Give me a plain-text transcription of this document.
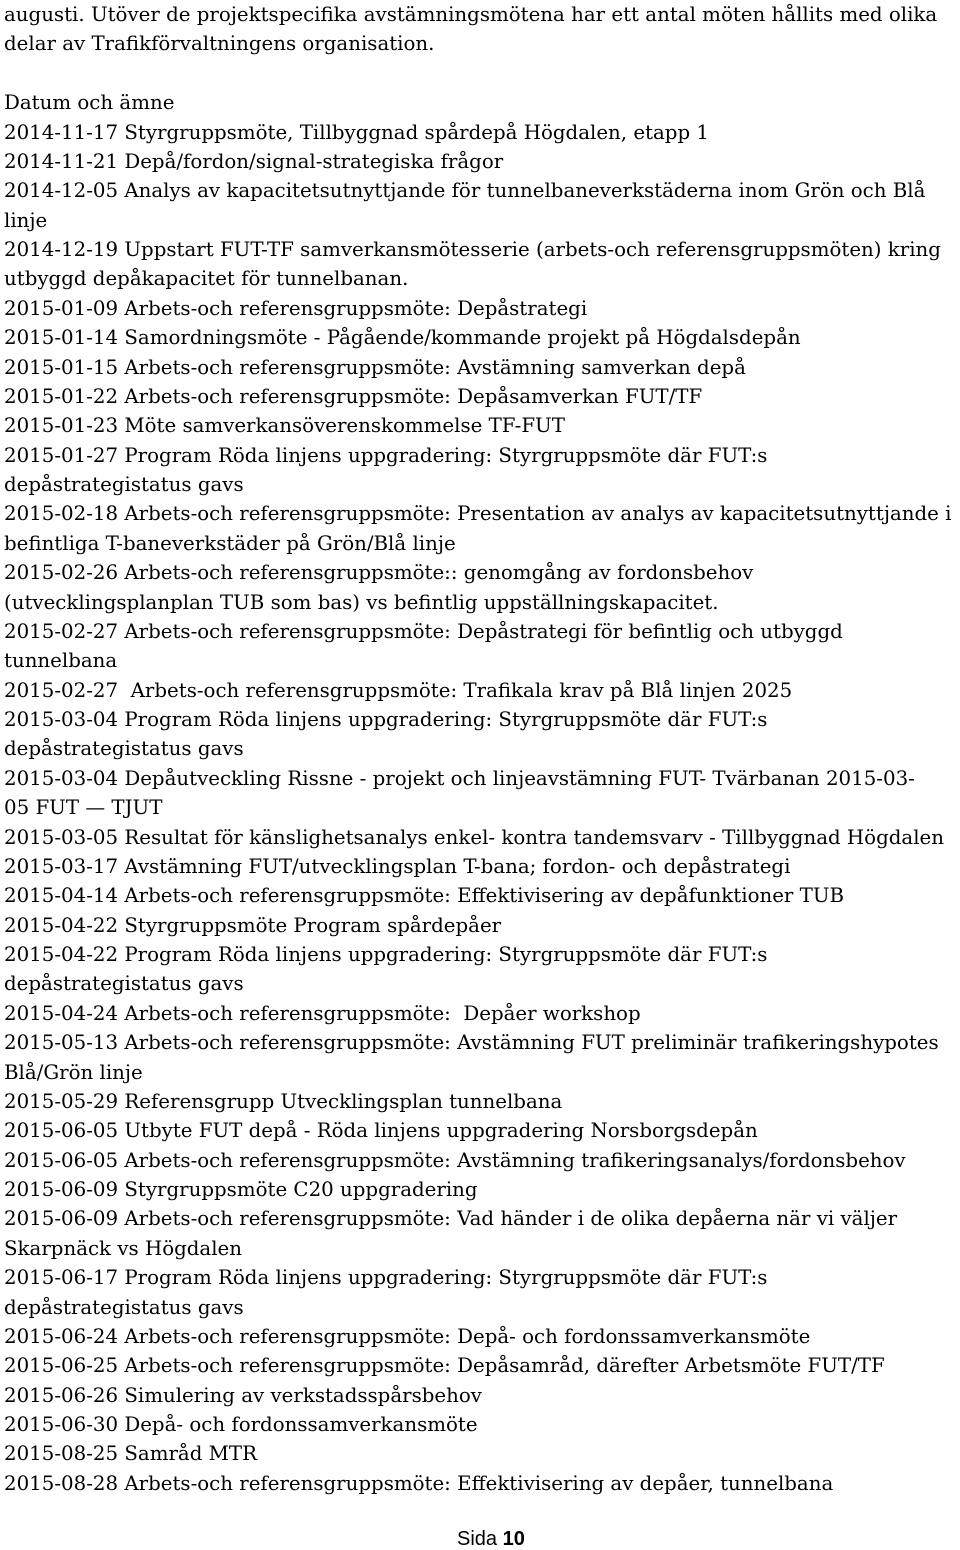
augusti. Utöver de projektspecifika avstämningsmötena har ett antal möten hållits med olika
delar av Trafikförvaltningens organisation.
Datum och ämne
2014-11-17 Styrgruppsmöte, Tillbyggnad spårdepå Högdalen, etapp 1
2014-11-21 Depå/fordon/signal-strategiska frågor
2014-12-05 Analys av kapacitetsutnyttjande för tunnelbaneverkstäderna inom Grön och Blå
linje
2014-12-19 Uppstart FUT-TF samverkansmötesserie (arbets-och referensgruppsmöten) kring
utbyggd depåkapacitet för tunnelbanan.
2015-01-09 Arbets-och referensgruppsmöte: Depåstrategi
2015-01-14 Samordningsmöte - Pågående/kommande projekt på Högdalsdepån
2015-01-15 Arbets-och referensgruppsmöte: Avstämning samverkan depå
2015-01-22 Arbets-och referensgruppsmöte: Depåsamverkan FUT/TF
2015-01-23 Möte samverkansöverenskommelse TF-FUT
2015-01-27 Program Röda linjens uppgradering: Styrgruppsmöte där FUT:s
depåstrategistatus gavs
2015-02-18 Arbets-och referensgruppsmöte: Presentation av analys av kapacitetsutnyttjande i
befintliga T-baneverkstäder på Grön/Blå linje
2015-02-26 Arbets-och referensgruppsmöte:: genomgång av fordonsbehov
(utvecklingsplanplan TUB som bas) vs befintlig uppställningskapacitet.
2015-02-27 Arbets-och referensgruppsmöte: Depåstrategi för befintlig och utbyggd
tunnelbana
2015-02-27  Arbets-och referensgruppsmöte: Trafikala krav på Blå linjen 2025
2015-03-04 Program Röda linjens uppgradering: Styrgruppsmöte där FUT:s
depåstrategistatus gavs
2015-03-04 Depåutveckling Rissne - projekt och linjeavstämning FUT- Tvärbanan 2015-03-
05 FUT — TJUT
2015-03-05 Resultat för känslighetsanalys enkel- kontra tandemsvarv - Tillbyggnad Högdalen
2015-03-17 Avstämning FUT/utvecklingsplan T-bana; fordon- och depåstrategi
2015-04-14 Arbets-och referensgruppsmöte: Effektivisering av depåfunktioner TUB
2015-04-22 Styrgruppsmöte Program spårdepåer
2015-04-22 Program Röda linjens uppgradering: Styrgruppsmöte där FUT:s
depåstrategistatus gavs
2015-04-24 Arbets-och referensgruppsmöte:  Depåer workshop
2015-05-13 Arbets-och referensgruppsmöte: Avstämning FUT preliminär trafikeringshypotes
Blå/Grön linje
2015-05-29 Referensgrupp Utvecklingsplan tunnelbana
2015-06-05 Utbyte FUT depå - Röda linjens uppgradering Norsborgsdepån
2015-06-05 Arbets-och referensgruppsmöte: Avstämning trafikeringsanalys/fordonsbehov
2015-06-09 Styrgruppsmöte C20 uppgradering
2015-06-09 Arbets-och referensgruppsmöte: Vad händer i de olika depåerna när vi väljer
Skarpnäck vs Högdalen
2015-06-17 Program Röda linjens uppgradering: Styrgruppsmöte där FUT:s
depåstrategistatus gavs
2015-06-24 Arbets-och referensgruppsmöte: Depå- och fordonssamverkansmöte
2015-06-25 Arbets-och referensgruppsmöte: Depåsamråd, därefter Arbetsmöte FUT/TF
2015-06-26 Simulering av verkstadsspårsbehov
2015-06-30 Depå- och fordonssamverkansmöte
2015-08-25 Samråd MTR
2015-08-28 Arbets-och referensgruppsmöte: Effektivisering av depåer, tunnelbana
Sida 10
